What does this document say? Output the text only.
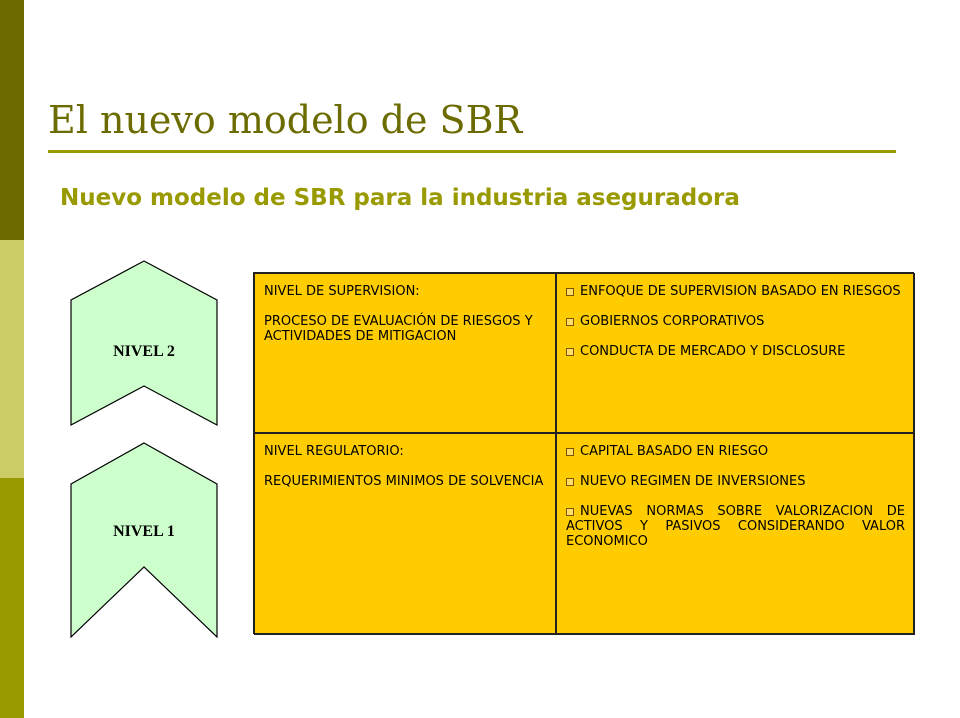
El nuevo modelo de SBR
Nuevo modelo de SBR para la industria aseguradora
NIVEL 2
NIVEL 1

NIVEL DE SUPERVISION:

PROCESO DE EVALUACIÓN DE RIESGOS Y ACTIVIDADES DE MITIGACION

ENFOQUE DE SUPERVISION BASADO EN RIESGOS
GOBIERNOS CORPORATIVOS
CONDUCTA DE MERCADO Y DISCLOSURE

NIVEL REGULATORIO:

REQUERIMIENTOS MINIMOS DE SOLVENCIA

CAPITAL BASADO EN RIESGO
NUEVO REGIMEN DE INVERSIONES
NUEVAS NORMAS SOBRE VALORIZACION DE ACTIVOS Y PASIVOS CONSIDERANDO VALOR ECONOMICO
